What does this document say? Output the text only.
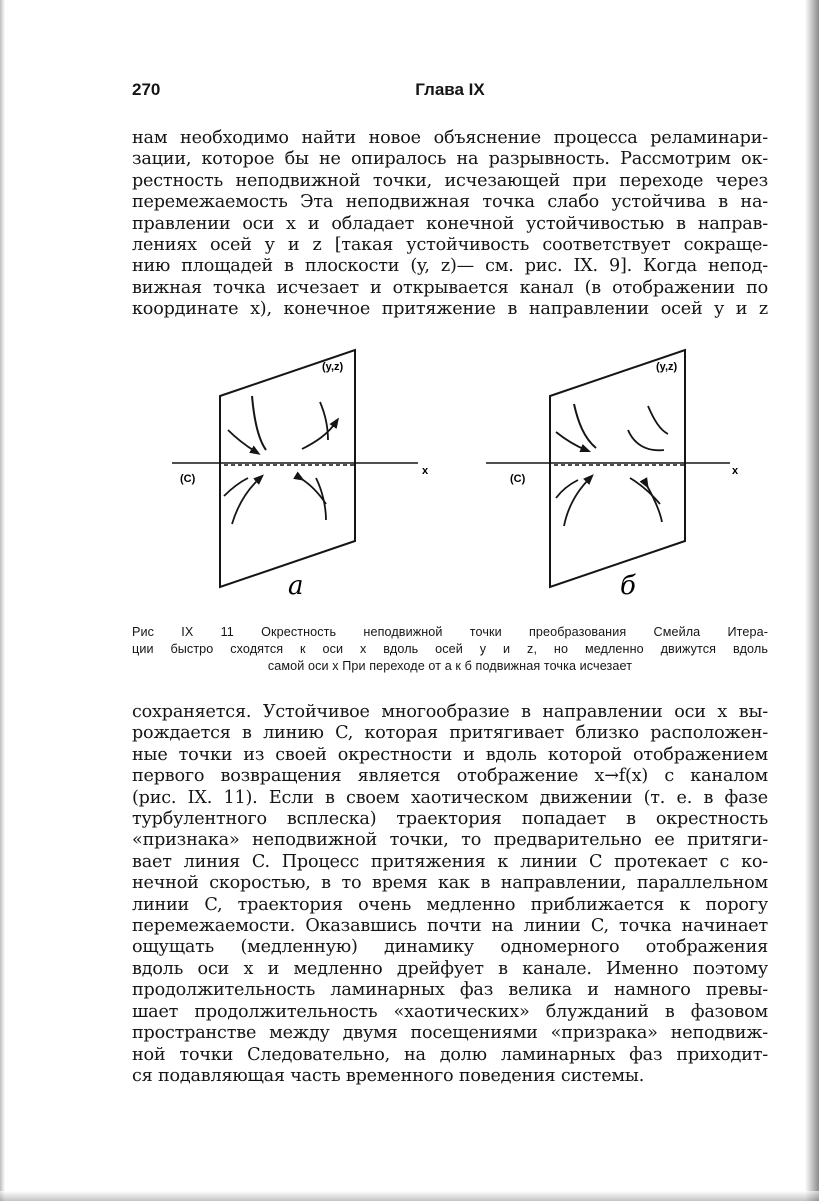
270	Глава IX
нам необходимо найти новое объяснение процесса реламинари-
зации, которое бы не опиралось на разрывность. Рассмотрим ок-
рестность неподвижной точки, исчезающей при переходе через
перемежаемость Эта неподвижная точка слабо устойчива в на-
правлении оси x и обладает конечной устойчивостью в направ-
лениях осей y и z [такая устойчивость соответствует сокраще-
нию площадей в плоскости (y, z)— см. рис. IX. 9]. Когда непод-
вижная точка исчезает и открывается канал (в отображении по
координате x), конечное притяжение в направлении осей y и z
(y,z)
(C)
x
а
(y,z)
(C)
x
б
Рис IX 11 Окрестность неподвижной точки преобразования Смейла Итера-
ции быстро сходятся к оси x вдоль осей y и z, но медленно движутся вдоль
самой оси x При переходе от а к б подвижная точка исчезает
сохраняется. Устойчивое многообразие в направлении оси x вы-
рождается в линию C, которая притягивает близко расположен-
ные точки из своей окрестности и вдоль которой отображением
первого возвращения является отображение x→f(x) с каналом
(рис. IX. 11). Если в своем хаотическом движении (т. е. в фазе
турбулентного всплеска) траектория попадает в окрестность
«признака» неподвижной точки, то предварительно ее притяги-
вает линия C. Процесс притяжения к линии C протекает с ко-
нечной скоростью, в то время как в направлении, параллельном
линии C, траектория очень медленно приближается к порогу
перемежаемости. Оказавшись почти на линии C, точка начинает
ощущать (медленную) динамику одномерного отображения
вдоль оси x и медленно дрейфует в канале. Именно поэтому
продолжительность ламинарных фаз велика и намного превы-
шает продолжительность «хаотических» блужданий в фазовом
пространстве между двумя посещениями «призрака» неподвиж-
ной точки Следовательно, на долю ламинарных фаз приходит-
ся подавляющая часть временного поведения системы.
